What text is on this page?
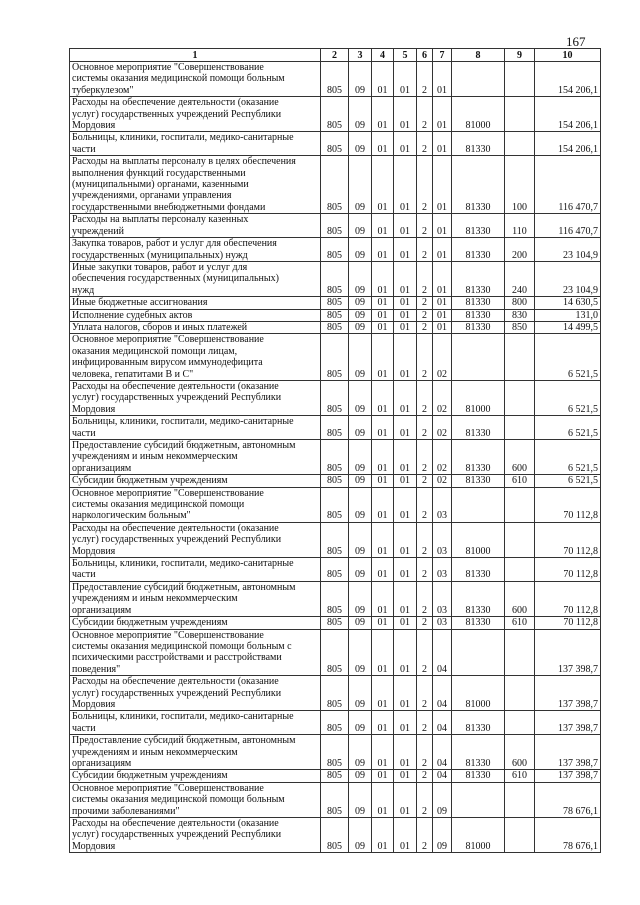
167
1	2	3	4	5	6	7	8	9	10

Основное мероприятие "Совершенствование
системы оказания медицинской помощи больным
туберкулезом"	805	09	01	01	2	01			154 206,1

Расходы на обеспечение деятельности (оказание
услуг) государственных учреждений Республики
Мордовия	805	09	01	01	2	01	81000		154 206,1

Больницы, клиники, госпитали, медико-санитарные
части	805	09	01	01	2	01	81330		154 206,1

Расходы на выплаты персоналу в целях обеспечения
выполнения функций государственными
(муниципальными) органами, казенными
учреждениями, органами управления
государственными внебюджетными фондами	805	09	01	01	2	01	81330	100	116 470,7

Расходы на выплаты персоналу казенных
учреждений	805	09	01	01	2	01	81330	110	116 470,7

Закупка товаров, работ и услуг для обеспечения
государственных (муниципальных) нужд	805	09	01	01	2	01	81330	200	23 104,9

Иные закупки товаров, работ и услуг для
обеспечения государственных (муниципальных)
нужд	805	09	01	01	2	01	81330	240	23 104,9

Иные бюджетные ассигнования	805	09	01	01	2	01	81330	800	14 630,5

Исполнение судебных актов	805	09	01	01	2	01	81330	830	131,0

Уплата налогов, сборов и иных платежей	805	09	01	01	2	01	81330	850	14 499,5

Основное мероприятие "Совершенствование
оказания медицинской помощи лицам,
инфицированным вирусом иммунодефицита
человека, гепатитами В и С"	805	09	01	01	2	02			6 521,5

Расходы на обеспечение деятельности (оказание
услуг) государственных учреждений Республики
Мордовия	805	09	01	01	2	02	81000		6 521,5

Больницы, клиники, госпитали, медико-санитарные
части	805	09	01	01	2	02	81330		6 521,5

Предоставление субсидий бюджетным, автономным
учреждениям и иным некоммерческим
организациям	805	09	01	01	2	02	81330	600	6 521,5

Субсидии бюджетным учреждениям	805	09	01	01	2	02	81330	610	6 521,5

Основное мероприятие "Совершенствование
системы оказания медицинской помощи
наркологическим больным"	805	09	01	01	2	03			70 112,8

Расходы на обеспечение деятельности (оказание
услуг) государственных учреждений Республики
Мордовия	805	09	01	01	2	03	81000		70 112,8

Больницы, клиники, госпитали, медико-санитарные
части	805	09	01	01	2	03	81330		70 112,8

Предоставление субсидий бюджетным, автономным
учреждениям и иным некоммерческим
организациям	805	09	01	01	2	03	81330	600	70 112,8

Субсидии бюджетным учреждениям	805	09	01	01	2	03	81330	610	70 112,8

Основное мероприятие "Совершенствование
системы оказания медицинской помощи больным с
психическими расстройствами и расстройствами
поведения"	805	09	01	01	2	04			137 398,7

Расходы на обеспечение деятельности (оказание
услуг) государственных учреждений Республики
Мордовия	805	09	01	01	2	04	81000		137 398,7

Больницы, клиники, госпитали, медико-санитарные
части	805	09	01	01	2	04	81330		137 398,7

Предоставление субсидий бюджетным, автономным
учреждениям и иным некоммерческим
организациям	805	09	01	01	2	04	81330	600	137 398,7

Субсидии бюджетным учреждениям	805	09	01	01	2	04	81330	610	137 398,7

Основное мероприятие "Совершенствование
системы оказания медицинской помощи больным
прочими заболеваниями"	805	09	01	01	2	09			78 676,1

Расходы на обеспечение деятельности (оказание
услуг) государственных учреждений Республики
Мордовия	805	09	01	01	2	09	81000		78 676,1
